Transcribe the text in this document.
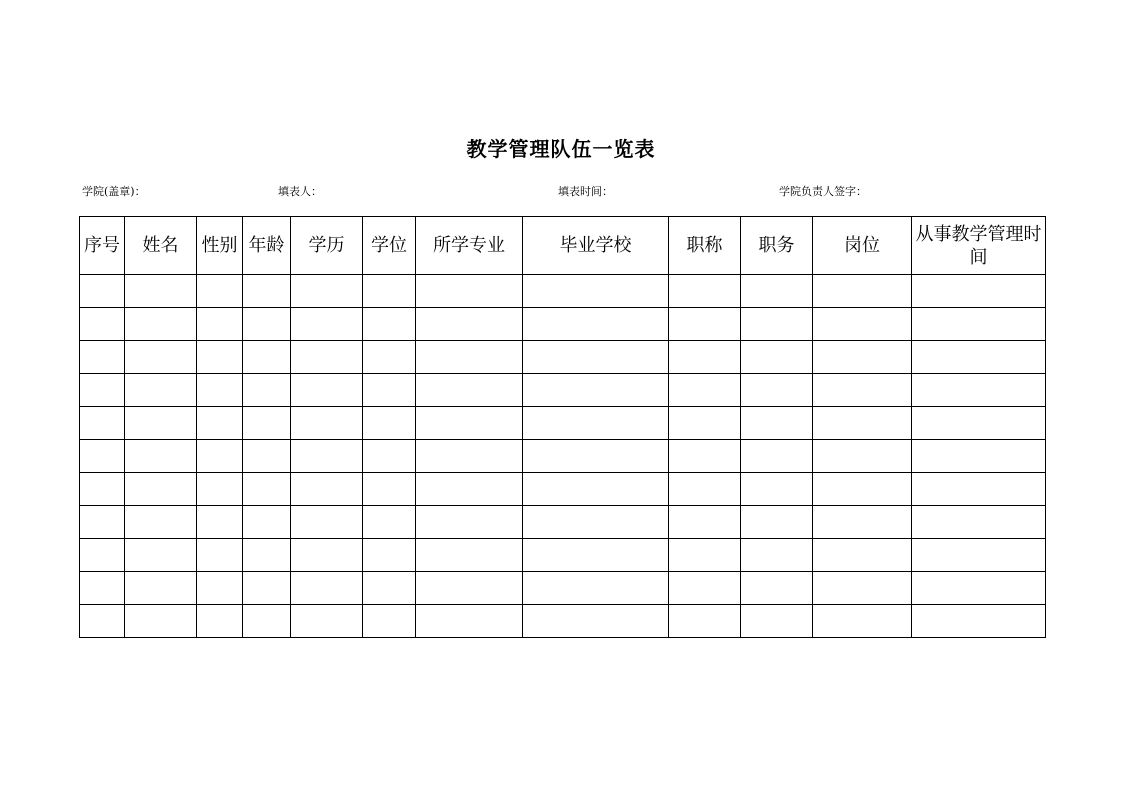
教学管理队伍一览表
学院(盖章)：	填表人：	填表时间：	学院负责人签字：
序号	姓名	性别	年龄	学历	学位	所学专业	毕业学校	职称	职务	岗位	从事教学管理时间
